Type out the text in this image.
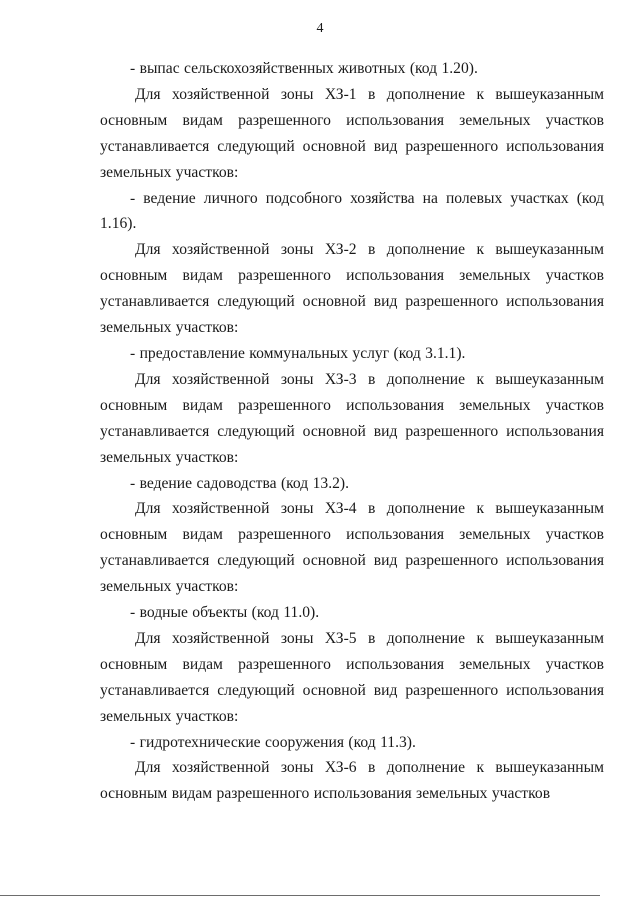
4

- выпас сельскохозяйственных животных (код 1.20).

Для хозяйственной зоны ХЗ-1 в дополнение к вышеуказанным основным видам разрешенного использования земельных участков устанавливается следующий основной вид разрешенного использования земельных участков:

- ведение личного подсобного хозяйства на полевых участках (код 1.16).

Для хозяйственной зоны ХЗ-2 в дополнение к вышеуказанным основным видам разрешенного использования земельных участков устанавливается следующий основной вид разрешенного использования земельных участков:

- предоставление коммунальных услуг (код 3.1.1).

Для хозяйственной зоны ХЗ-3 в дополнение к вышеуказанным основным видам разрешенного использования земельных участков устанавливается следующий основной вид разрешенного использования земельных участков:

- ведение садоводства (код 13.2).

Для хозяйственной зоны ХЗ-4 в дополнение к вышеуказанным основным видам разрешенного использования земельных участков устанавливается следующий основной вид разрешенного использования земельных участков:

- водные объекты (код 11.0).

Для хозяйственной зоны ХЗ-5 в дополнение к вышеуказанным основным видам разрешенного использования земельных участков устанавливается следующий основной вид разрешенного использования земельных участков:

- гидротехнические сооружения (код 11.3).

Для хозяйственной зоны ХЗ-6 в дополнение к вышеуказанным основным видам разрешенного использования земельных участков
